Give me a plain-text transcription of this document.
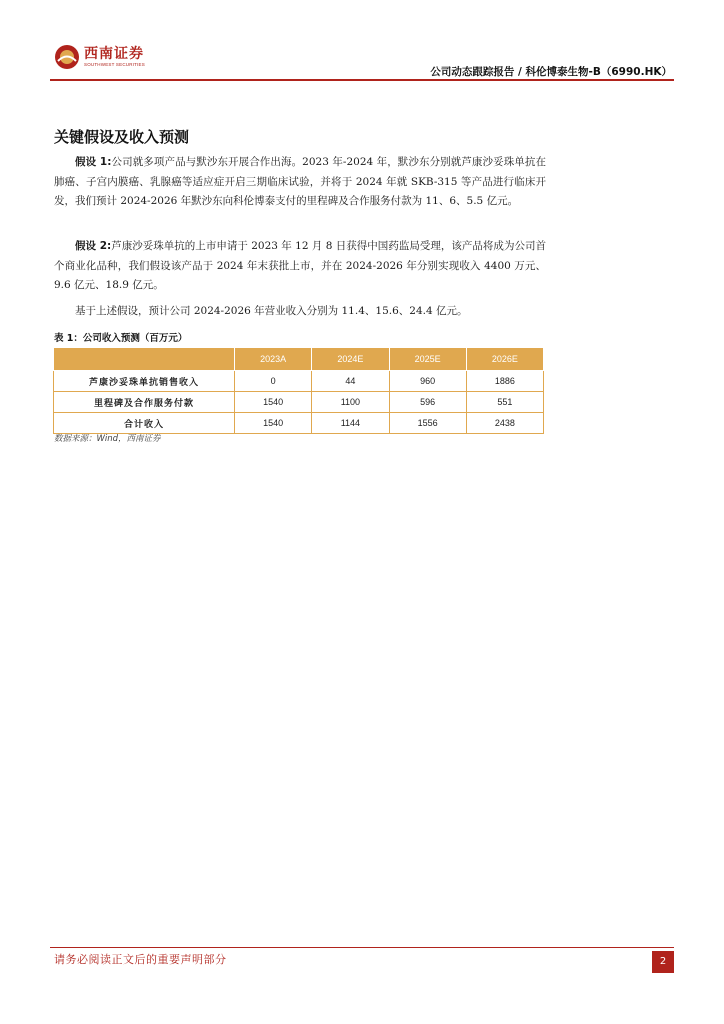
西南证券
SOUTHWEST SECURITIES
公司动态跟踪报告 / 科伦博泰生物-B（6990.HK）
关键假设及收入预测

假设 1:公司就多项产品与默沙东开展合作出海。2023 年-2024 年，默沙东分别就芦康沙妥珠单抗在肺癌、子宫内膜癌、乳腺癌等适应症开启三期临床试验，并将于 2024 年就 SKB-315 等产品进行临床开发，我们预计 2024-2026 年默沙东向科伦博泰支付的里程碑及合作服务付款为 11、6、5.5 亿元。

假设 2:芦康沙妥珠单抗的上市申请于 2023 年 12 月 8 日获得中国药监局受理，该产品将成为公司首个商业化品种，我们假设该产品于 2024 年末获批上市，并在 2024-2026 年分别实现收入 4400 万元、9.6 亿元、18.9 亿元。

基于上述假设，预计公司 2024-2026 年营业收入分别为 11.4、15.6、24.4 亿元。

表 1：公司收入预测（百万元）
	2023A	2024E	2025E	2026E
芦康沙妥珠单抗销售收入	0	44	960	1886
里程碑及合作服务付款	1540	1100	596	551
合计收入	1540	1144	1556	2438
数据来源：Wind，西南证券
请务必阅读正文后的重要声明部分	2
